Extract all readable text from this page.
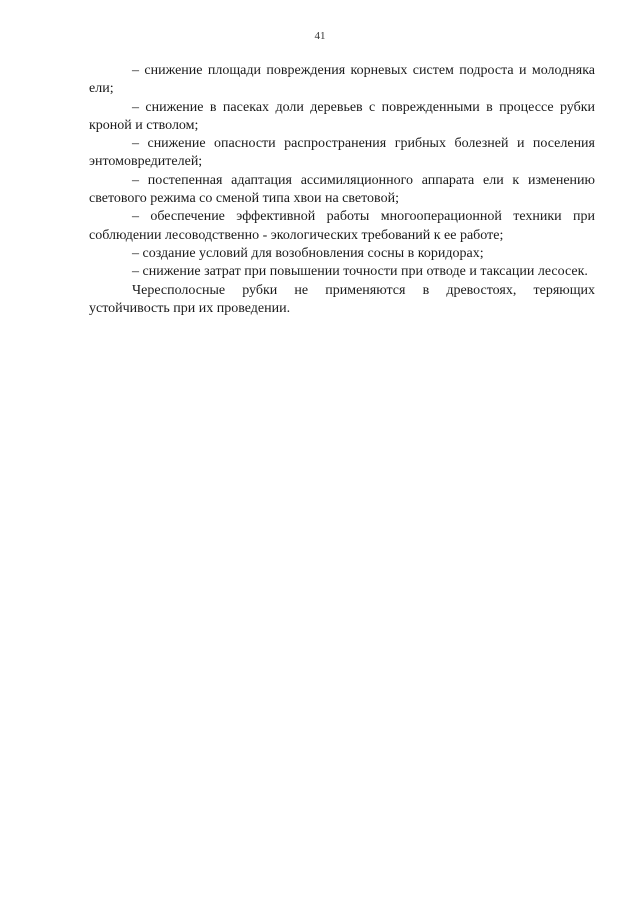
41

– снижение площади повреждения корневых систем подроста и молодняка ели;

– снижение в пасеках доли деревьев с поврежденными в процессе рубки кроной и стволом;

– снижение опасности распространения грибных болезней и поселения энтомовредителей;

– постепенная адаптация ассимиляционного аппарата ели к изменению светового режима со сменой типа хвои на световой;

– обеспечение эффективной работы многооперационной техники при соблюдении лесоводственно - экологических требований к ее работе;

– создание условий для возобновления сосны в коридорах;

– снижение затрат при повышении точности при отводе и таксации лесосек.

Чересполосные рубки не применяются в древостоях, теряющих устойчивость при их проведении.
